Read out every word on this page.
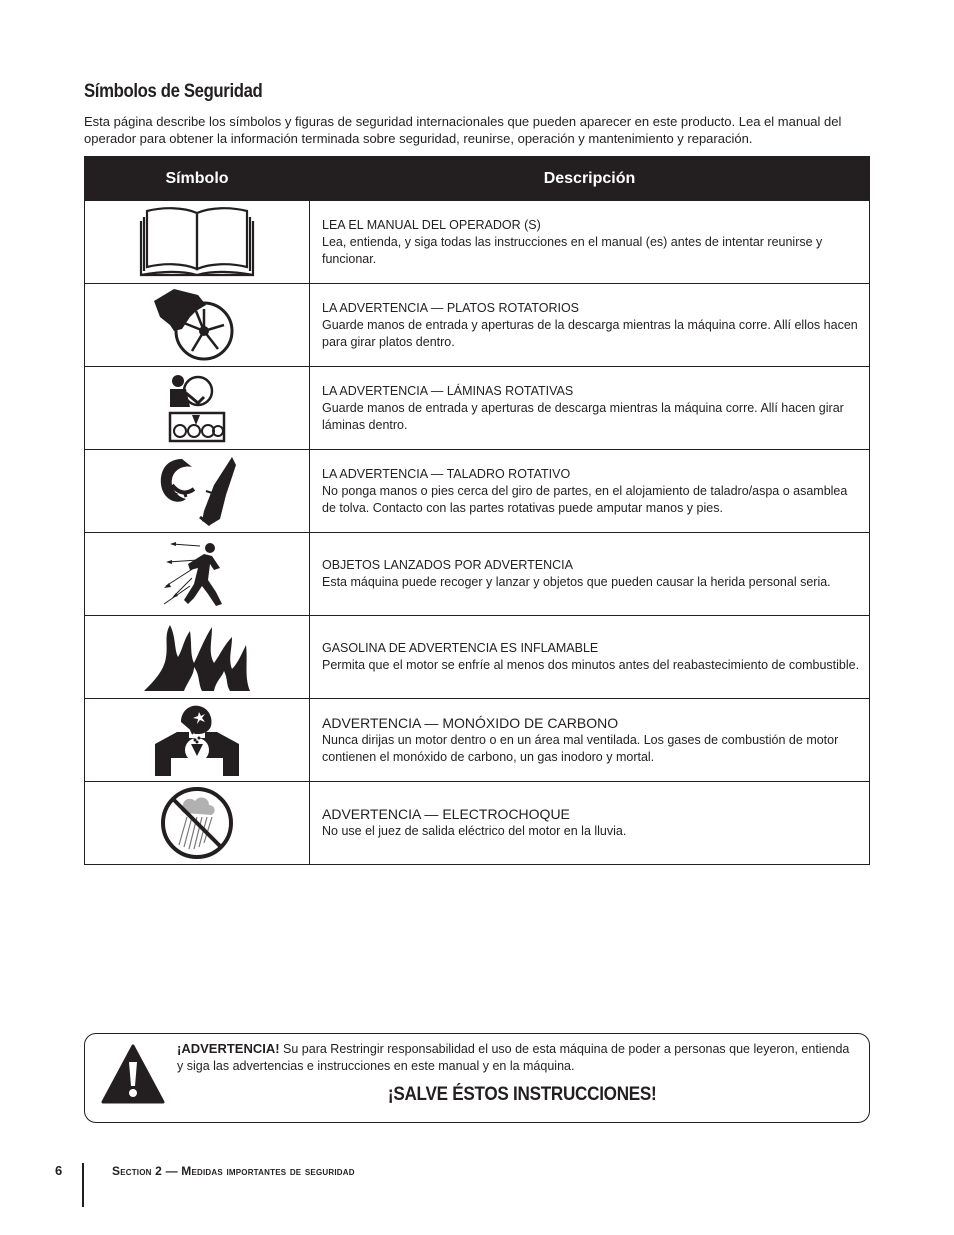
Símbolos de Seguridad
Esta página describe los símbolos y figuras de seguridad internacionales que pueden aparecer en este producto. Lea el manual del operador para obtener la información terminada sobre seguridad, reunirse, operación y mantenimiento y reparación.
Símbolo	Descripción

LEA EL MANUAL DEL OPERADOR (S)
Lea, entienda, y siga todas las instrucciones en el manual (es) antes de intentar reunirse y funcionar.

LA ADVERTENCIA — PLATOS ROTATORIOS
Guarde manos de entrada y aperturas de la descarga mientras la máquina corre. Allí ellos hacen para girar platos dentro.

LA ADVERTENCIA — LÁMINAS ROTATIVAS
Guarde manos de entrada y aperturas de descarga mientras la máquina corre. Allí hacen girar láminas dentro.

LA ADVERTENCIA — TALADRO ROTATIVO
No ponga manos o pies cerca del giro de partes, en el alojamiento de taladro/aspa o asamblea de tolva. Contacto con las partes rotativas puede amputar manos y pies.

OBJETOS LANZADOS POR ADVERTENCIA
Esta máquina puede recoger y lanzar y objetos que pueden causar la herida personal seria.

GASOLINA DE ADVERTENCIA ES INFLAMABLE
Permita que el motor se enfríe al menos dos minutos antes del reabastecimiento de combustible.

ADVERTENCIA — MONÓXIDO DE CARBONO
Nunca dirijas un motor dentro o en un área mal ventilada. Los gases de combustión de motor contienen el monóxido de carbono, un gas inodoro y mortal.

ADVERTENCIA — ELECTROCHOQUE
No use el juez de salida eléctrico del motor en la lluvia.
¡ADVERTENCIA! Su para Restringir responsabilidad el uso de esta máquina de poder a personas que leyeron, entienda y siga las advertencias e instrucciones en este manual y en la máquina.
¡SALVE ÉSTOS INSTRUCCIONES!
6	Section 2 — Medidas importantes de seguridad
